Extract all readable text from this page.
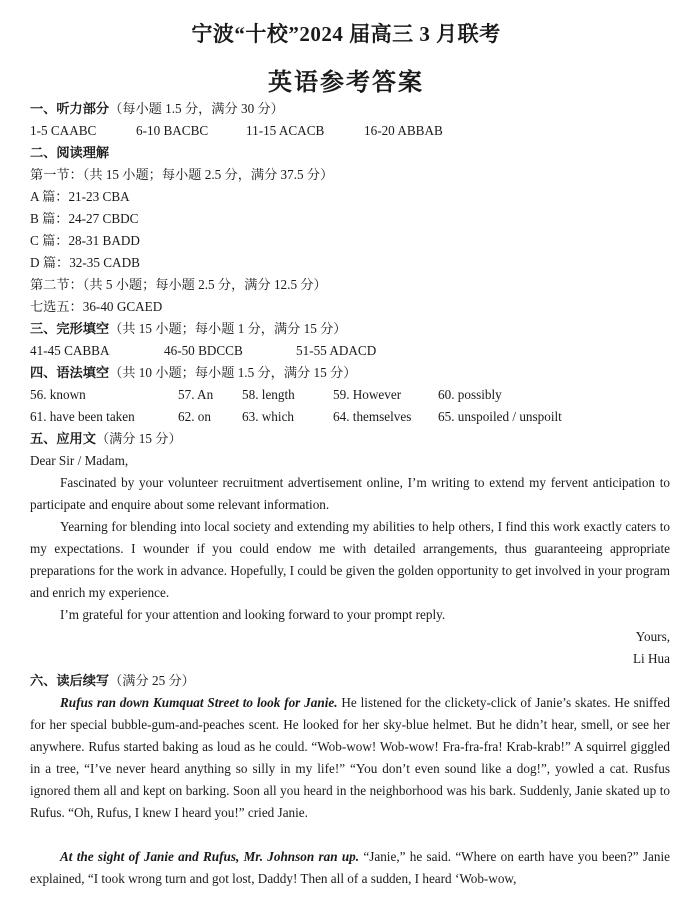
宁波“十校”2024 届高三 3 月联考
英语参考答案
一、听力部分（每小题 1.5 分，满分 30 分）
1-5 CAABC	6-10 BACBC	11-15 ACACB	16-20 ABBAB
二、阅读理解
第一节：（共 15 小题；每小题 2.5 分，满分 37.5 分）
A 篇：21-23 CBA
B 篇：24-27 CBDC
C 篇：28-31 BADD
D 篇：32-35 CADB
第二节：（共 5 小题；每小题 2.5 分，满分 12.5 分）
七选五：36-40 GCAED
三、完形填空（共 15 小题；每小题 1 分，满分 15 分）
41-45 CABBA	46-50 BDCCB	51-55 ADACD
四、语法填空（共 10 小题；每小题 1.5 分，满分 15 分）
56. known	57. An 58. length	59. However	60. possibly
61. have been taken	62. on 63. which	64. themselves 65. unspoiled / unspoilt
五、应用文（满分 15 分）
Dear Sir / Madam,
Fascinated by your volunteer recruitment advertisement online, I’m writing to extend my fervent anticipation to participate and enquire about some relevant information.
Yearning for blending into local society and extending my abilities to help others, I find this work exactly caters to my expectations. I wounder if you could endow me with detailed arrangements, thus guaranteeing appropriate preparations for the work in advance. Hopefully, I could be given the golden opportunity to get involved in your program and enrich my experience.
I’m grateful for your attention and looking forward to your prompt reply.
Yours,
Li Hua
六、读后续写（满分 25 分）
Rufus ran down Kumquat Street to look for Janie. He listened for the clickety-click of Janie’s skates. He sniffed for her special bubble-gum-and-peaches scent. He looked for her sky-blue helmet. But he didn’t hear, smell, or see her anywhere. Rufus started baking as loud as he could. “Wob-wow! Wob-wow! Fra-fra-fra! Krab-krab!” A squirrel giggled in a tree, “I’ve never heard anything so silly in my life!” “You don’t even sound like a dog!”, yowled a cat. Rusfus ignored them all and kept on barking. Soon all you heard in the neighborhood was his bark. Suddenly, Janie skated up to Rufus. “Oh, Rufus, I knew I heard you!” cried Janie.
At the sight of Janie and Rufus, Mr. Johnson ran up. “Janie,” he said. “Where on earth have you been?” Janie explained, “I took wrong turn and got lost, Daddy! Then all of a sudden, I heard ‘Wob-wow,
